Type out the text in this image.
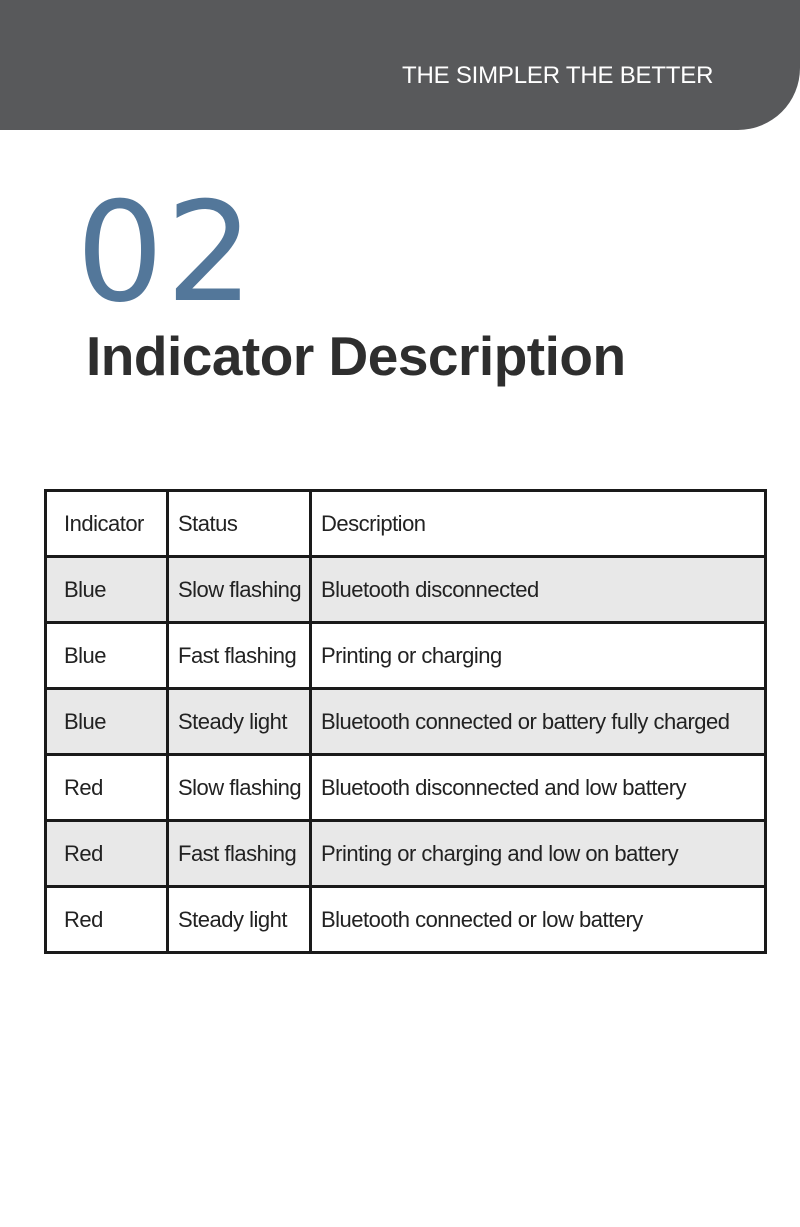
THE SIMPLER THE BETTER
02
Indicator Description
Indicator	Status	Description
Blue	Slow flashing	Bluetooth disconnected
Blue	Fast flashing	Printing or charging
Blue	Steady light	Bluetooth connected or battery fully charged
Red	Slow flashing	Bluetooth disconnected and low battery
Red	Fast flashing	Printing or charging and low on battery
Red	Steady light	Bluetooth connected or low battery
